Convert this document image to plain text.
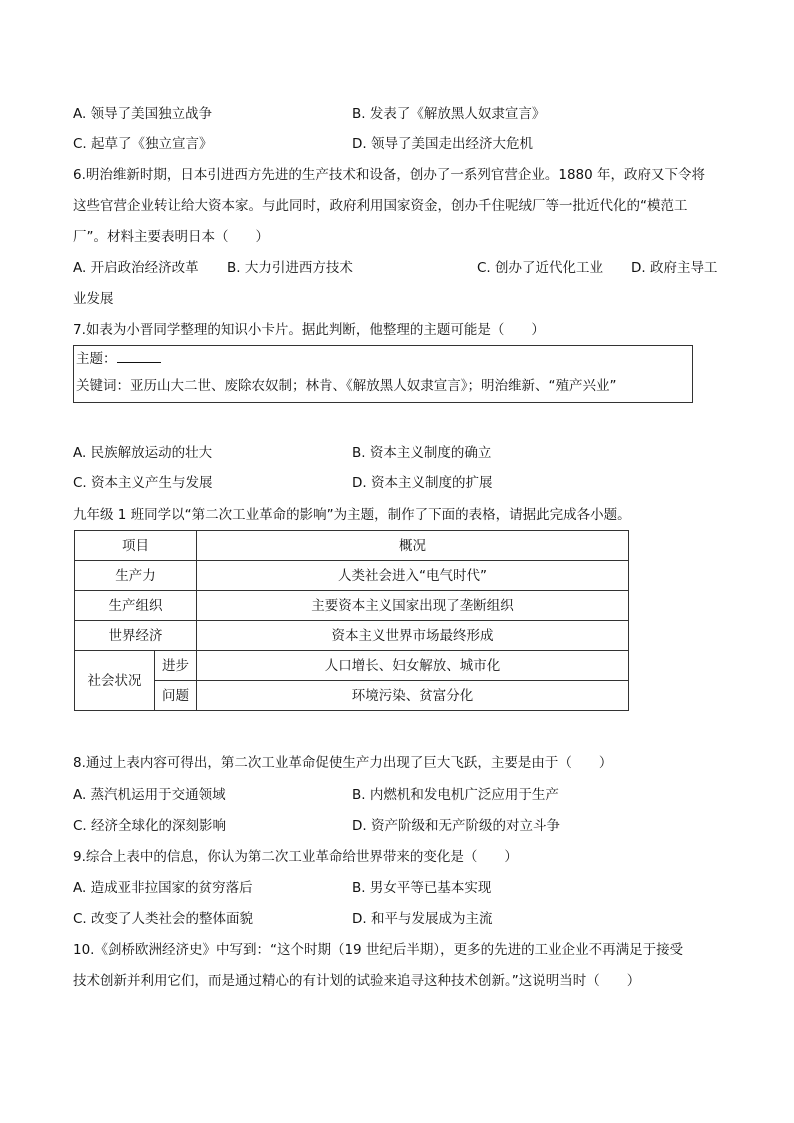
A. 领导了美国独立战争	B. 发表了《解放黑人奴隶宣言》
C. 起草了《独立宣言》	D. 领导了美国走出经济大危机
6.明治维新时期，日本引进西方先进的生产技术和设备，创办了一系列官营企业。1880 年，政府又下令将
这些官营企业转让给大资本家。与此同时，政府利用国家资金，创办千住呢绒厂等一批近代化的“模范工
厂”。材料主要表明日本（　　）
A. 开启政治经济改革 B. 大力引进西方技术	C. 创办了近代化工业 D. 政府主导工
业发展
7.如表为小晋同学整理的知识小卡片。据此判断，他整理的主题可能是（　　）
主题：
关键词：亚历山大二世、废除农奴制；林肯、《解放黑人奴隶宣言》；明治维新、“殖产兴业”
A. 民族解放运动的壮大	B. 资本主义制度的确立
C. 资本主义产生与发展	D. 资本主义制度的扩展
九年级 1 班同学以“第二次工业革命的影响”为主题，制作了下面的表格，请据此完成各小题。
项目		概况
生产力		人类社会进入“电气时代”
生产组织		主要资本主义国家出现了垄断组织
世界经济		资本主义世界市场最终形成
社会状况	进步	人口增长、妇女解放、城市化
	问题	环境污染、贫富分化
8.通过上表内容可得出，第二次工业革命促使生产力出现了巨大飞跃，主要是由于（　　）
A. 蒸汽机运用于交通领域	B. 内燃机和发电机广泛应用于生产
C. 经济全球化的深刻影响	D. 资产阶级和无产阶级的对立斗争
9.综合上表中的信息，你认为第二次工业革命给世界带来的变化是（　　）
A. 造成亚非拉国家的贫穷落后	B. 男女平等已基本实现
C. 改变了人类社会的整体面貌	D. 和平与发展成为主流
10.《剑桥欧洲经济史》中写到：“这个时期（19 世纪后半期），更多的先进的工业企业不再满足于接受
技术创新并利用它们，而是通过精心的有计划的试验来追寻这种技术创新。”这说明当时（　　）
